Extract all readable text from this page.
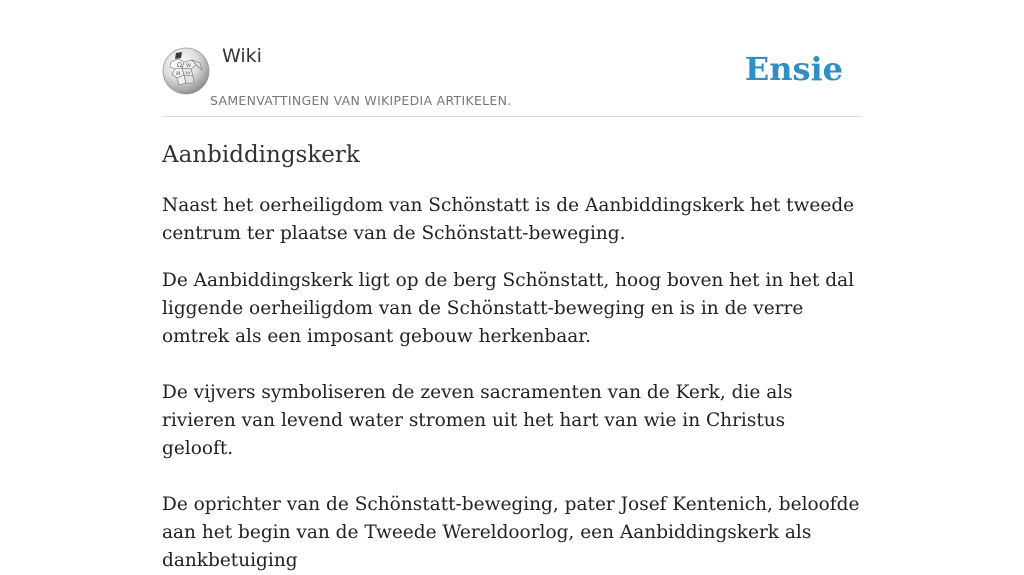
Ω W
И ω
Wiki
SAMENVATTINGEN VAN WIKIPEDIA ARTIKELEN.
Ensie
Aanbiddingskerk

Naast het oerheiligdom van Schönstatt is de Aanbiddingskerk het tweede centrum ter plaatse van de Schönstatt-beweging.

De Aanbiddingskerk ligt op de berg Schönstatt, hoog boven het in het dal liggende oerheiligdom van de Schönstatt-beweging en is in de verre omtrek als een imposant gebouw herkenbaar.

De vijvers symboliseren de zeven sacramenten van de Kerk, die als rivieren van levend water stromen uit het hart van wie in Christus gelooft.

De oprichter van de Schönstatt-beweging, pater Josef Kentenich, beloofde aan het begin van de Tweede Wereldoorlog, een Aanbiddingskerk als dankbetuiging
